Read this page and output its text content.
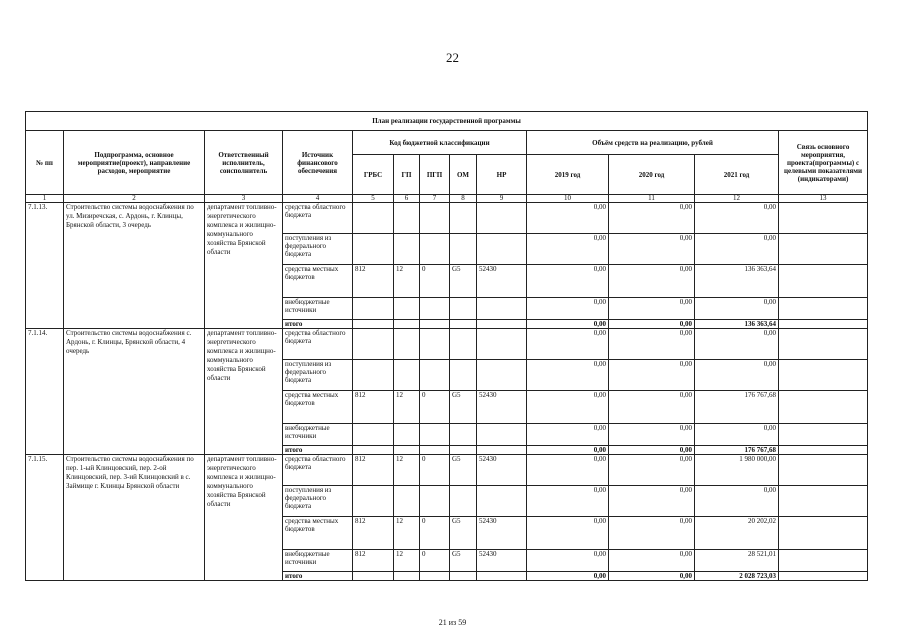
22
План реализации государственной программы												
№ пп	Подпрограмма, основное мероприятие(проект), направление расходов, мероприятие	Ответственный исполнитель, соисполнитель	Источник финансового обеспечения	Код бюджетной классификации					Объём средств на реализацию, рублей			Связь основного мероприятия, проекта(программы) с целевыми показателями (индикаторами)
				ГРБС	ГП	ПГП	ОМ	НР	2019 год	2020 год	2021 год	
1	2	3	4	5	6	7	8	9	10	11	12	13
7.1.13.	Строительство системы водоснабжения по ул. Мизиречская, с. Ардонь, г. Клинцы, Брянской области, 3 очередь	департамент топливно-энергетического комплекса и жилищно-коммунального хозяйства Брянской области	средства областного бюджета						0,00	0,00	0,00	
			поступления из федерального бюджета						0,00	0,00	0,00	
			средства местных бюджетов	812	12	0	G5	52430	0,00	0,00	136 363,64	
			внебюджетные источники						0,00	0,00	0,00	
			итого						0,00	0,00	136 363,64	
7.1.14.	Строительство системы водоснабжения с. Ардонь, г. Клинцы, Брянской области, 4 очередь	департамент топливно-энергетического комплекса и жилищно-коммунального хозяйства Брянской области	средства областного бюджета						0,00	0,00	0,00	
			поступления из федерального бюджета						0,00	0,00	0,00	
			средства местных бюджетов	812	12	0	G5	52430	0,00	0,00	176 767,68	
			внебюджетные источники						0,00	0,00	0,00	
			итого						0,00	0,00	176 767,68	
7.1.15.	Строительство системы водоснабжения по пер. 1-ый Клинцовский, пер. 2-ой Клинцовский, пер. 3-ий Клинцовский в с. Займище г. Клинцы Брянской области	департамент топливно-энергетического комплекса и жилищно-коммунального хозяйства Брянской области	средства областного бюджета	812	12	0	G5	52430	0,00	0,00	1 980 000,00	
			поступления из федерального бюджета						0,00	0,00	0,00	
			средства местных бюджетов	812	12	0	G5	52430	0,00	0,00	20 202,02	
			внебюджетные источники	812	12	0	G5	52430	0,00	0,00	28 521,01	
			итого						0,00	0,00	2 028 723,03	
21 из 59
